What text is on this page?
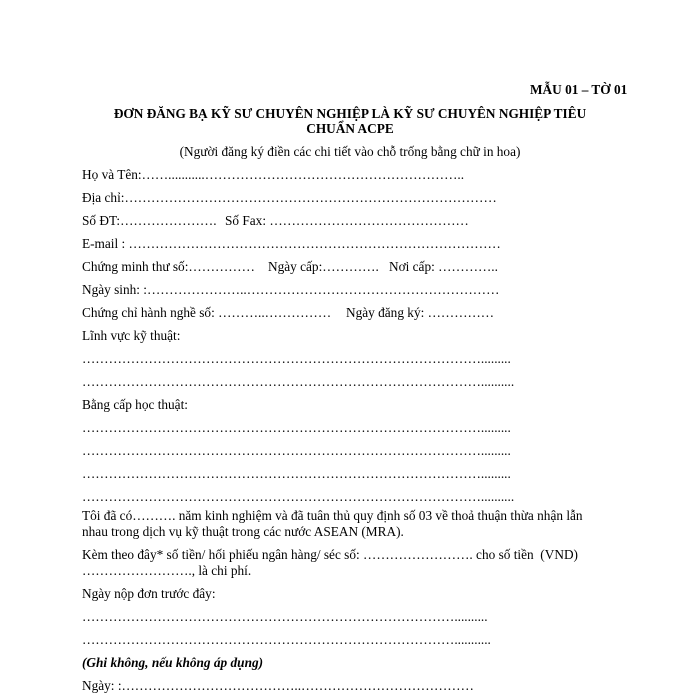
MẪU 01 – TỜ 01
ĐƠN ĐĂNG BẠ KỸ SƯ CHUYÊN NGHIỆP LÀ KỸ SƯ CHUYÊN NGHIỆP TIÊU
CHUẨN ACPE
(Người đăng ký điền các chi tiết vào chỗ trống bằng chữ in hoa)
Họ và Tên:……...........…………………………………………………..
Địa chỉ:…………………………………………………………………………
Số ĐT:…………………. Số Fax: ………………………………………
E-mail : …………………………………………………………………………
Chứng minh thư số:…………… Ngày cấp:…………. Nơi cấp: …………..
Ngày sinh: :…………………..…………………………………………………
Chứng chỉ hành nghề số: ………..…………… Ngày đăng ký: ……………
Lĩnh vực kỹ thuật:
……………………………………………………………………………….........
………………………………………………………………………………..........
Bằng cấp học thuật:
……………………………………………………………………………….........
……………………………………………………………………………….........
……………………………………………………………………………….........
………………………………………………………………………………..........
Tôi đã có………. năm kinh nghiệm và đã tuân thủ quy định số 03 về thoả thuận thừa nhận lẫn
nhau trong dịch vụ kỹ thuật trong các nước ASEAN (MRA).
Kèm theo đây* số tiền/ hối phiếu ngân hàng/ séc số: ……………………. cho số tiền  (VND)
……………………., là chi phí.
Ngày nộp đơn trước đây:
…………………………………………………………………………..........
…………………………………………………………………………...........
(Ghi không, nếu không áp dụng)
Ngày: :…………………………………..…………………………………
